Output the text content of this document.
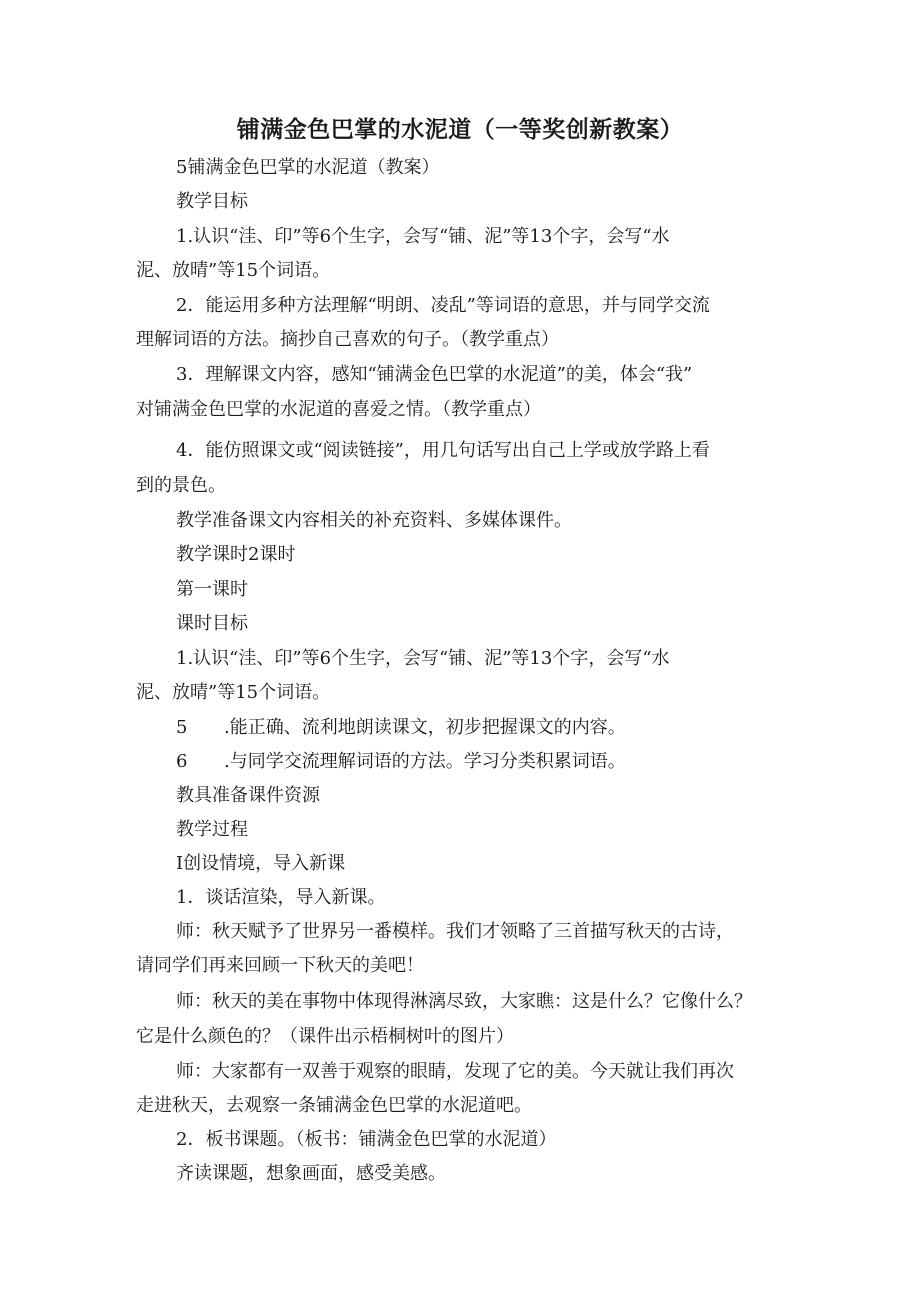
铺满金色巴掌的水泥道（一等奖创新教案）
5铺满金色巴掌的水泥道（教案）
教学目标
1.认识“洼、印”等6个生字，会写“铺、泥”等13个字，会写“水
泥、放晴”等15个词语。
2．能运用多种方法理解“明朗、凌乱”等词语的意思，并与同学交流
理解词语的方法。摘抄自己喜欢的句子。（教学重点）
3．理解课文内容，感知“铺满金色巴掌的水泥道”的美，体会“我”
对铺满金色巴掌的水泥道的喜爱之情。（教学重点）
4．能仿照课文或“阅读链接”，用几句话写出自己上学或放学路上看
到的景色。
教学准备课文内容相关的补充资料、多媒体课件。
教学课时2课时
第一课时
课时目标
1.认识“洼、印”等6个生字，会写“铺、泥”等13个字，会写“水
泥、放晴”等15个词语。
5 .能正确、流利地朗读课文，初步把握课文的内容。
6 .与同学交流理解词语的方法。学习分类积累词语。
教具准备课件资源
教学过程
Ⅰ创设情境，导入新课
1．谈话渲染，导入新课。
师：秋天赋予了世界另一番模样。我们才领略了三首描写秋天的古诗，
请同学们再来回顾一下秋天的美吧！
师：秋天的美在事物中体现得淋漓尽致，大家瞧：这是什么？它像什么？
它是什么颜色的？（课件出示梧桐树叶的图片）
师：大家都有一双善于观察的眼睛，发现了它的美。今天就让我们再次
走进秋天，去观察一条铺满金色巴掌的水泥道吧。
2．板书课题。（板书：铺满金色巴掌的水泥道）
齐读课题，想象画面，感受美感。
